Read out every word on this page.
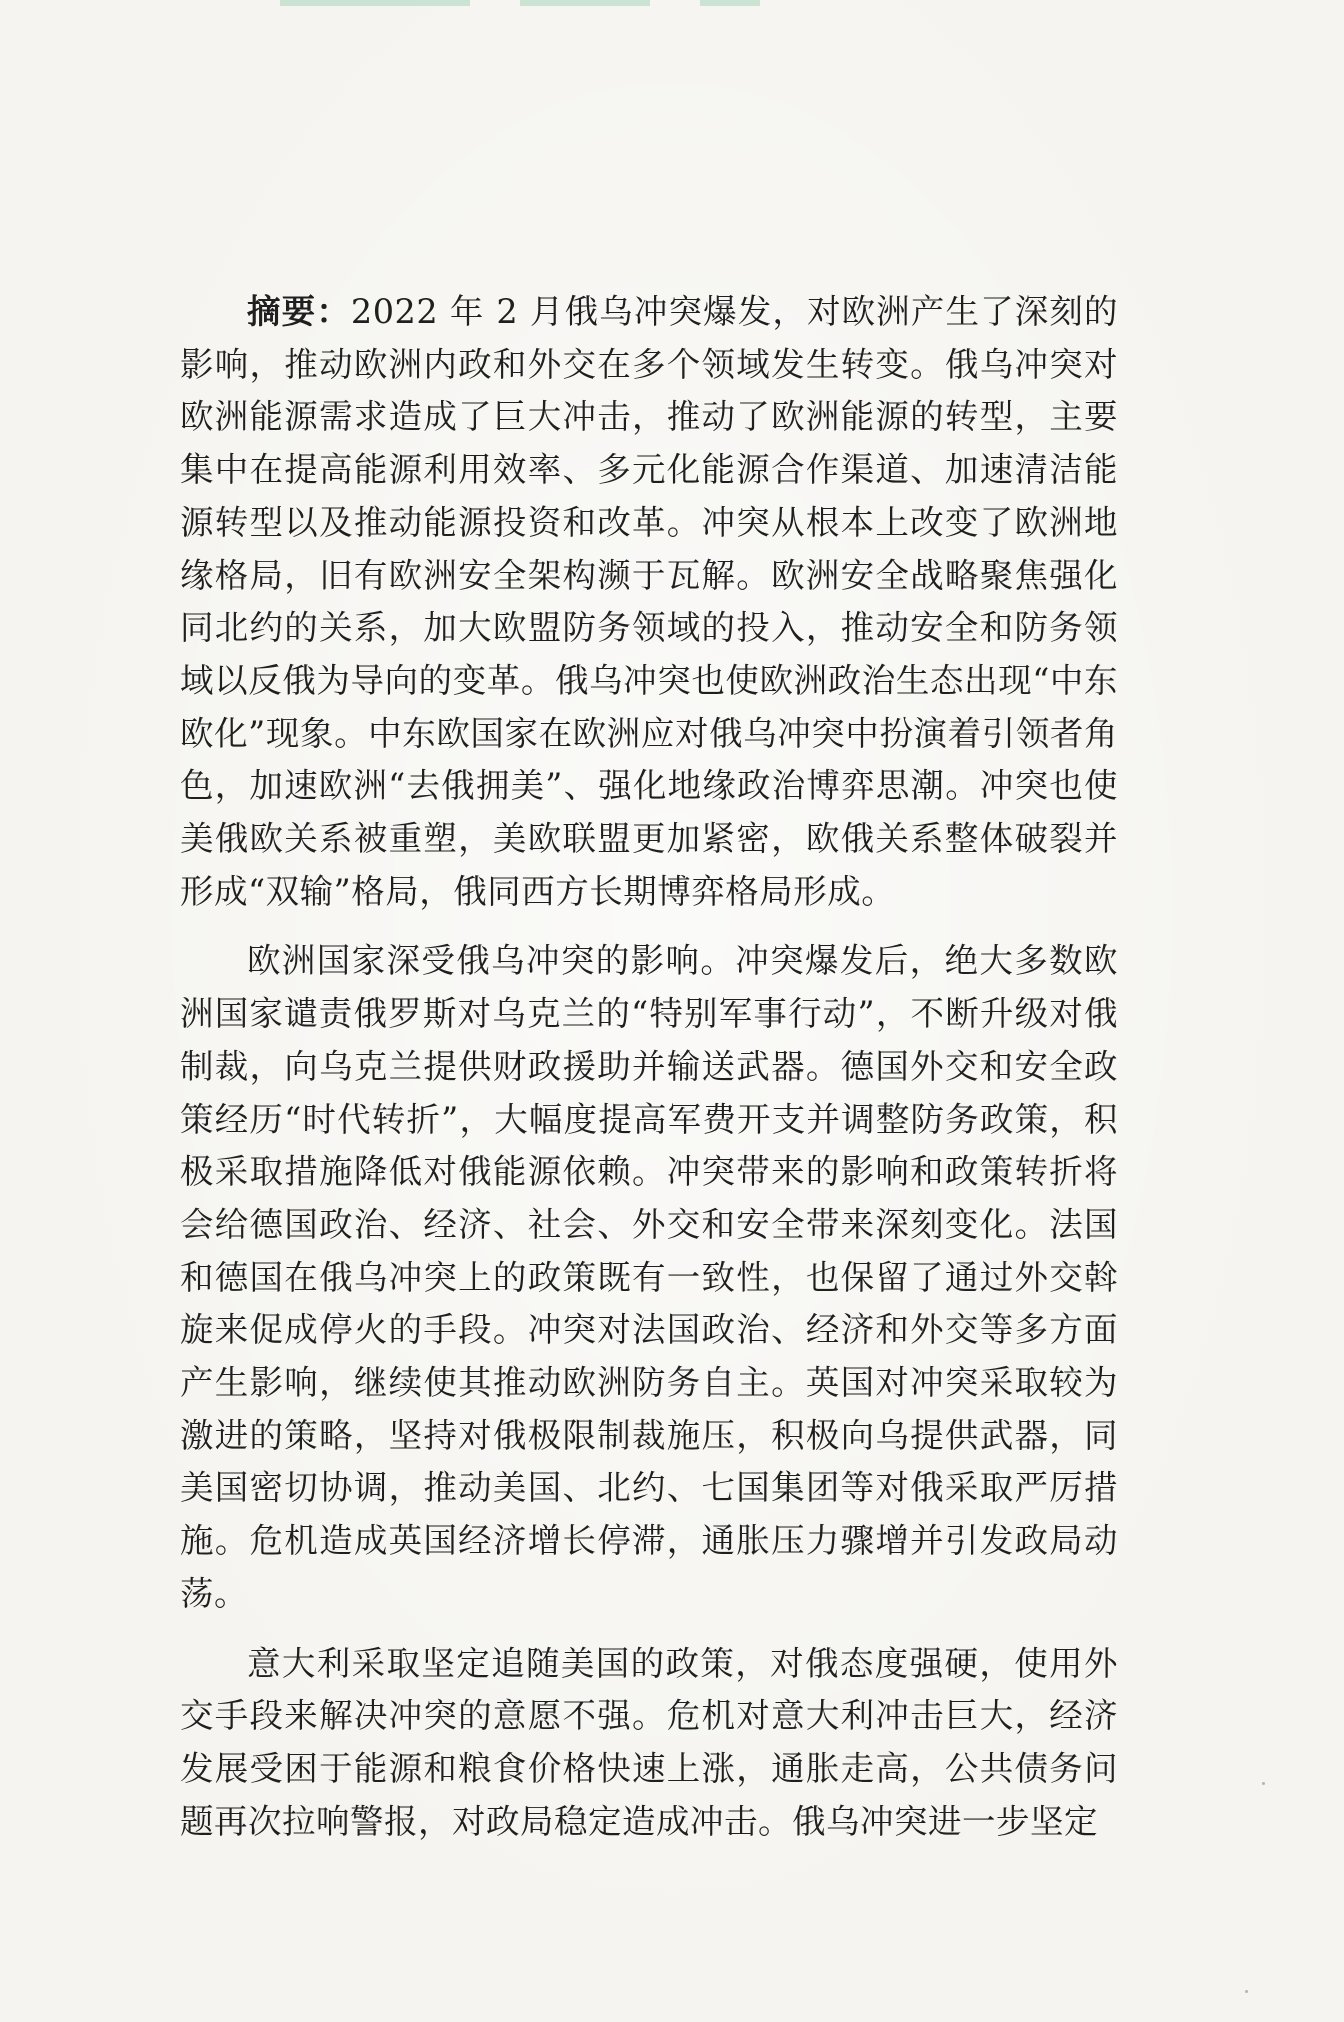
摘要：2022 年 2 月俄乌冲突爆发，对欧洲产生了深刻的影响，推动欧洲内政和外交在多个领域发生转变。俄乌冲突对欧洲能源需求造成了巨大冲击，推动了欧洲能源的转型，主要集中在提高能源利用效率、多元化能源合作渠道、加速清洁能源转型以及推动能源投资和改革。冲突从根本上改变了欧洲地缘格局，旧有欧洲安全架构濒于瓦解。欧洲安全战略聚焦强化同北约的关系，加大欧盟防务领域的投入，推动安全和防务领域以反俄为导向的变革。俄乌冲突也使欧洲政治生态出现“中东欧化”现象。中东欧国家在欧洲应对俄乌冲突中扮演着引领者角色，加速欧洲“去俄拥美”、强化地缘政治博弈思潮。冲突也使美俄欧关系被重塑，美欧联盟更加紧密，欧俄关系整体破裂并形成“双输”格局，俄同西方长期博弈格局形成。

欧洲国家深受俄乌冲突的影响。冲突爆发后，绝大多数欧洲国家谴责俄罗斯对乌克兰的“特别军事行动”，不断升级对俄制裁，向乌克兰提供财政援助并输送武器。德国外交和安全政策经历“时代转折”，大幅度提高军费开支并调整防务政策，积极采取措施降低对俄能源依赖。冲突带来的影响和政策转折将会给德国政治、经济、社会、外交和安全带来深刻变化。法国和德国在俄乌冲突上的政策既有一致性，也保留了通过外交斡旋来促成停火的手段。冲突对法国政治、经济和外交等多方面产生影响，继续使其推动欧洲防务自主。英国对冲突采取较为激进的策略，坚持对俄极限制裁施压，积极向乌提供武器，同美国密切协调，推动美国、北约、七国集团等对俄采取严厉措施。危机造成英国经济增长停滞，通胀压力骤增并引发政局动荡。

意大利采取坚定追随美国的政策，对俄态度强硬，使用外交手段来解决冲突的意愿不强。危机对意大利冲击巨大，经济发展受困于能源和粮食价格快速上涨，通胀走高，公共债务问题再次拉响警报，对政局稳定造成冲击。俄乌冲突进一步坚定
